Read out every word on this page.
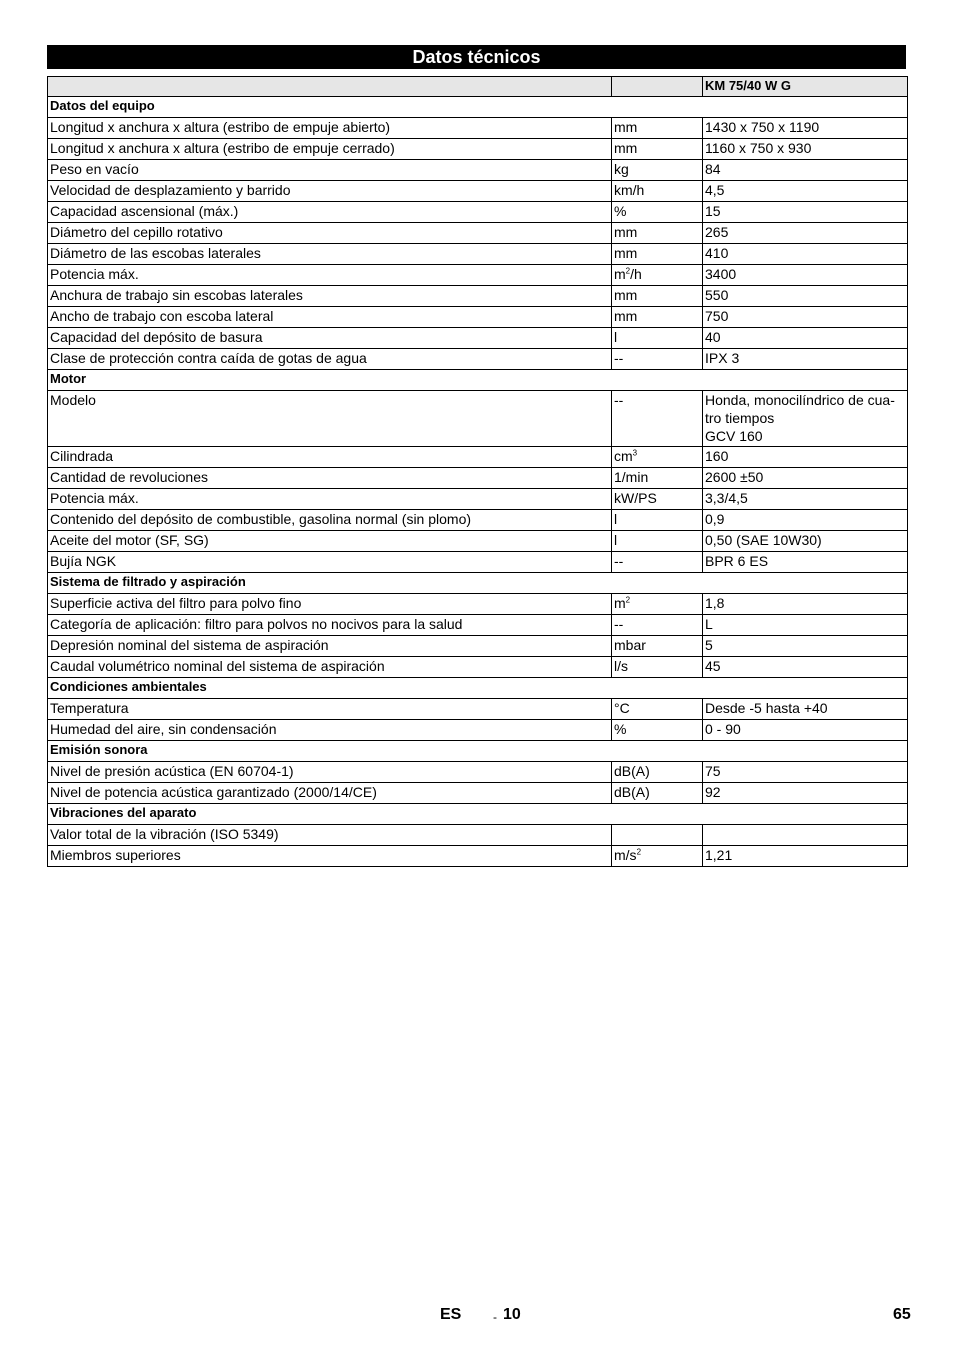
Datos técnicos
		KM 75/40 W G
Datos del equipo		
Longitud x anchura x altura (estribo de empuje abierto)	mm	1430 x 750 x 1190
Longitud x anchura x altura (estribo de empuje cerrado)	mm	1160 x 750 x 930
Peso en vacío	kg	84
Velocidad de desplazamiento y barrido	km/h	4,5
Capacidad ascensional (máx.)	%	15
Diámetro del cepillo rotativo	mm	265
Diámetro de las escobas laterales	mm	410
Potencia máx.	$m^2/h$	3400
Anchura de trabajo sin escobas laterales	mm	550
Ancho de trabajo con escoba lateral	mm	750
Capacidad del depósito de basura	l	40
Clase de protección contra caída de gotas de agua	--	IPX 3
Motor		
Modelo	--	Honda, monocilíndrico de cua-
tro tiempos
GCV 160
Cilindrada	$cm^3$	160
Cantidad de revoluciones	1/min	2600 ±50
Potencia máx.	kW/PS	3,3/4,5
Contenido del depósito de combustible, gasolina normal (sin plomo)	l	0,9
Aceite del motor (SF, SG)	l	0,50 (SAE 10W30)
Bujía NGK	--	BPR 6 ES
Sistema de filtrado y aspiración		
Superficie activa del filtro para polvo fino	$m^2$	1,8
Categoría de aplicación: filtro para polvos no nocivos para la salud	--	L
Depresión nominal del sistema de aspiración	mbar	5
Caudal volumétrico nominal del sistema de aspiración	l/s	45
Condiciones ambientales		
Temperatura	°C	Desde -5 hasta +40
Humedad del aire, sin condensación	%	0 - 90
Emisión sonora		
Nivel de presión acústica (EN 60704-1)	dB(A)	75
Nivel de potencia acústica garantizado (2000/14/CE)	dB(A)	92
Vibraciones del aparato		
Valor total de la vibración (ISO 5349)		
Miembros superiores	$m/s^2$	1,21
ES	- 10	65
